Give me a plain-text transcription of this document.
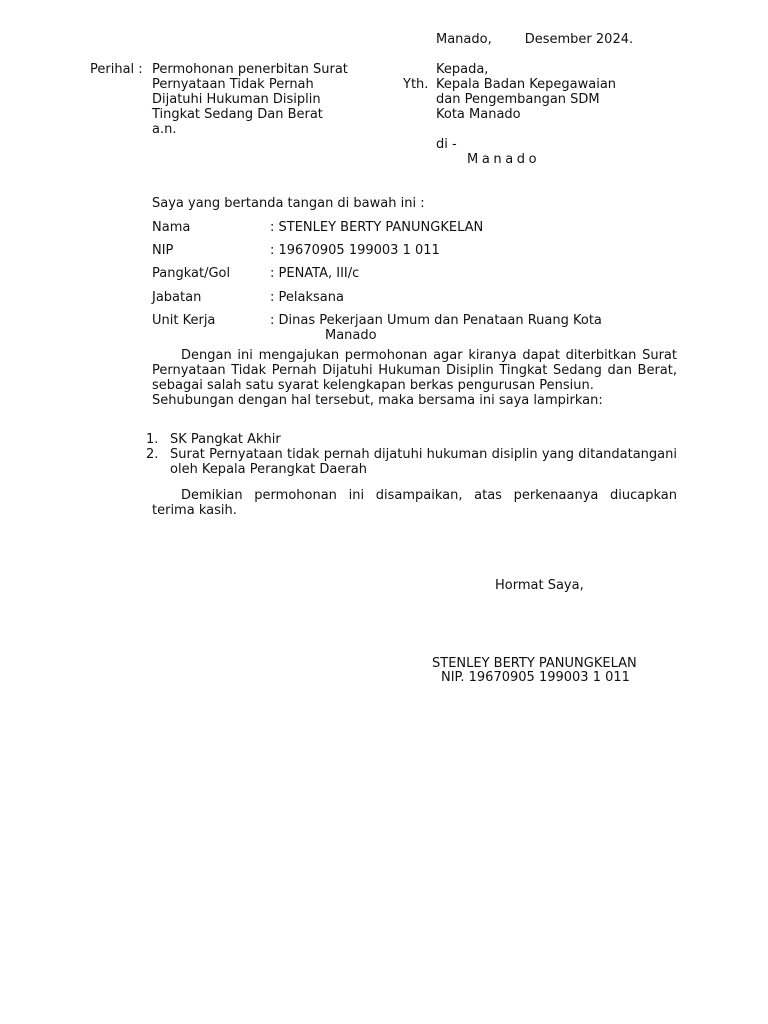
Manado,	Desember 2024.
Perihal : Permohonan penerbitan Surat
Pernyataan Tidak Pernah
Dijatuhi Hukuman Disiplin
Tingkat Sedang Dan Berat
a.n.
Kepada,
Yth. Kepala Badan Kepegawaian
dan Pengembangan SDM
Kota Manado
di -
Manado
Saya yang bertanda tangan di bawah ini :
Nama	: STENLEY BERTY PANUNGKELAN
NIP	: 19670905 199003 1 011
Pangkat/Gol	: PENATA, III/c
Jabatan	: Pelaksana
Unit Kerja	: Dinas Pekerjaan Umum dan Penataan Ruang Kota
Manado
Dengan ini mengajukan permohonan agar kiranya dapat diterbitkan Surat Pernyataan Tidak Pernah Dijatuhi Hukuman Disiplin Tingkat Sedang dan Berat, sebagai salah satu syarat kelengkapan berkas pengurusan Pensiun.
Sehubungan dengan hal tersebut, maka bersama ini saya lampirkan:
1. SK Pangkat Akhir
2. Surat Pernyataan tidak pernah dijatuhi hukuman disiplin yang ditandatangani oleh Kepala Perangkat Daerah
Demikian permohonan ini disampaikan, atas perkenaanya diucapkan terima kasih.
Hormat Saya,
STENLEY BERTY PANUNGKELAN
NIP. 19670905 199003 1 011
